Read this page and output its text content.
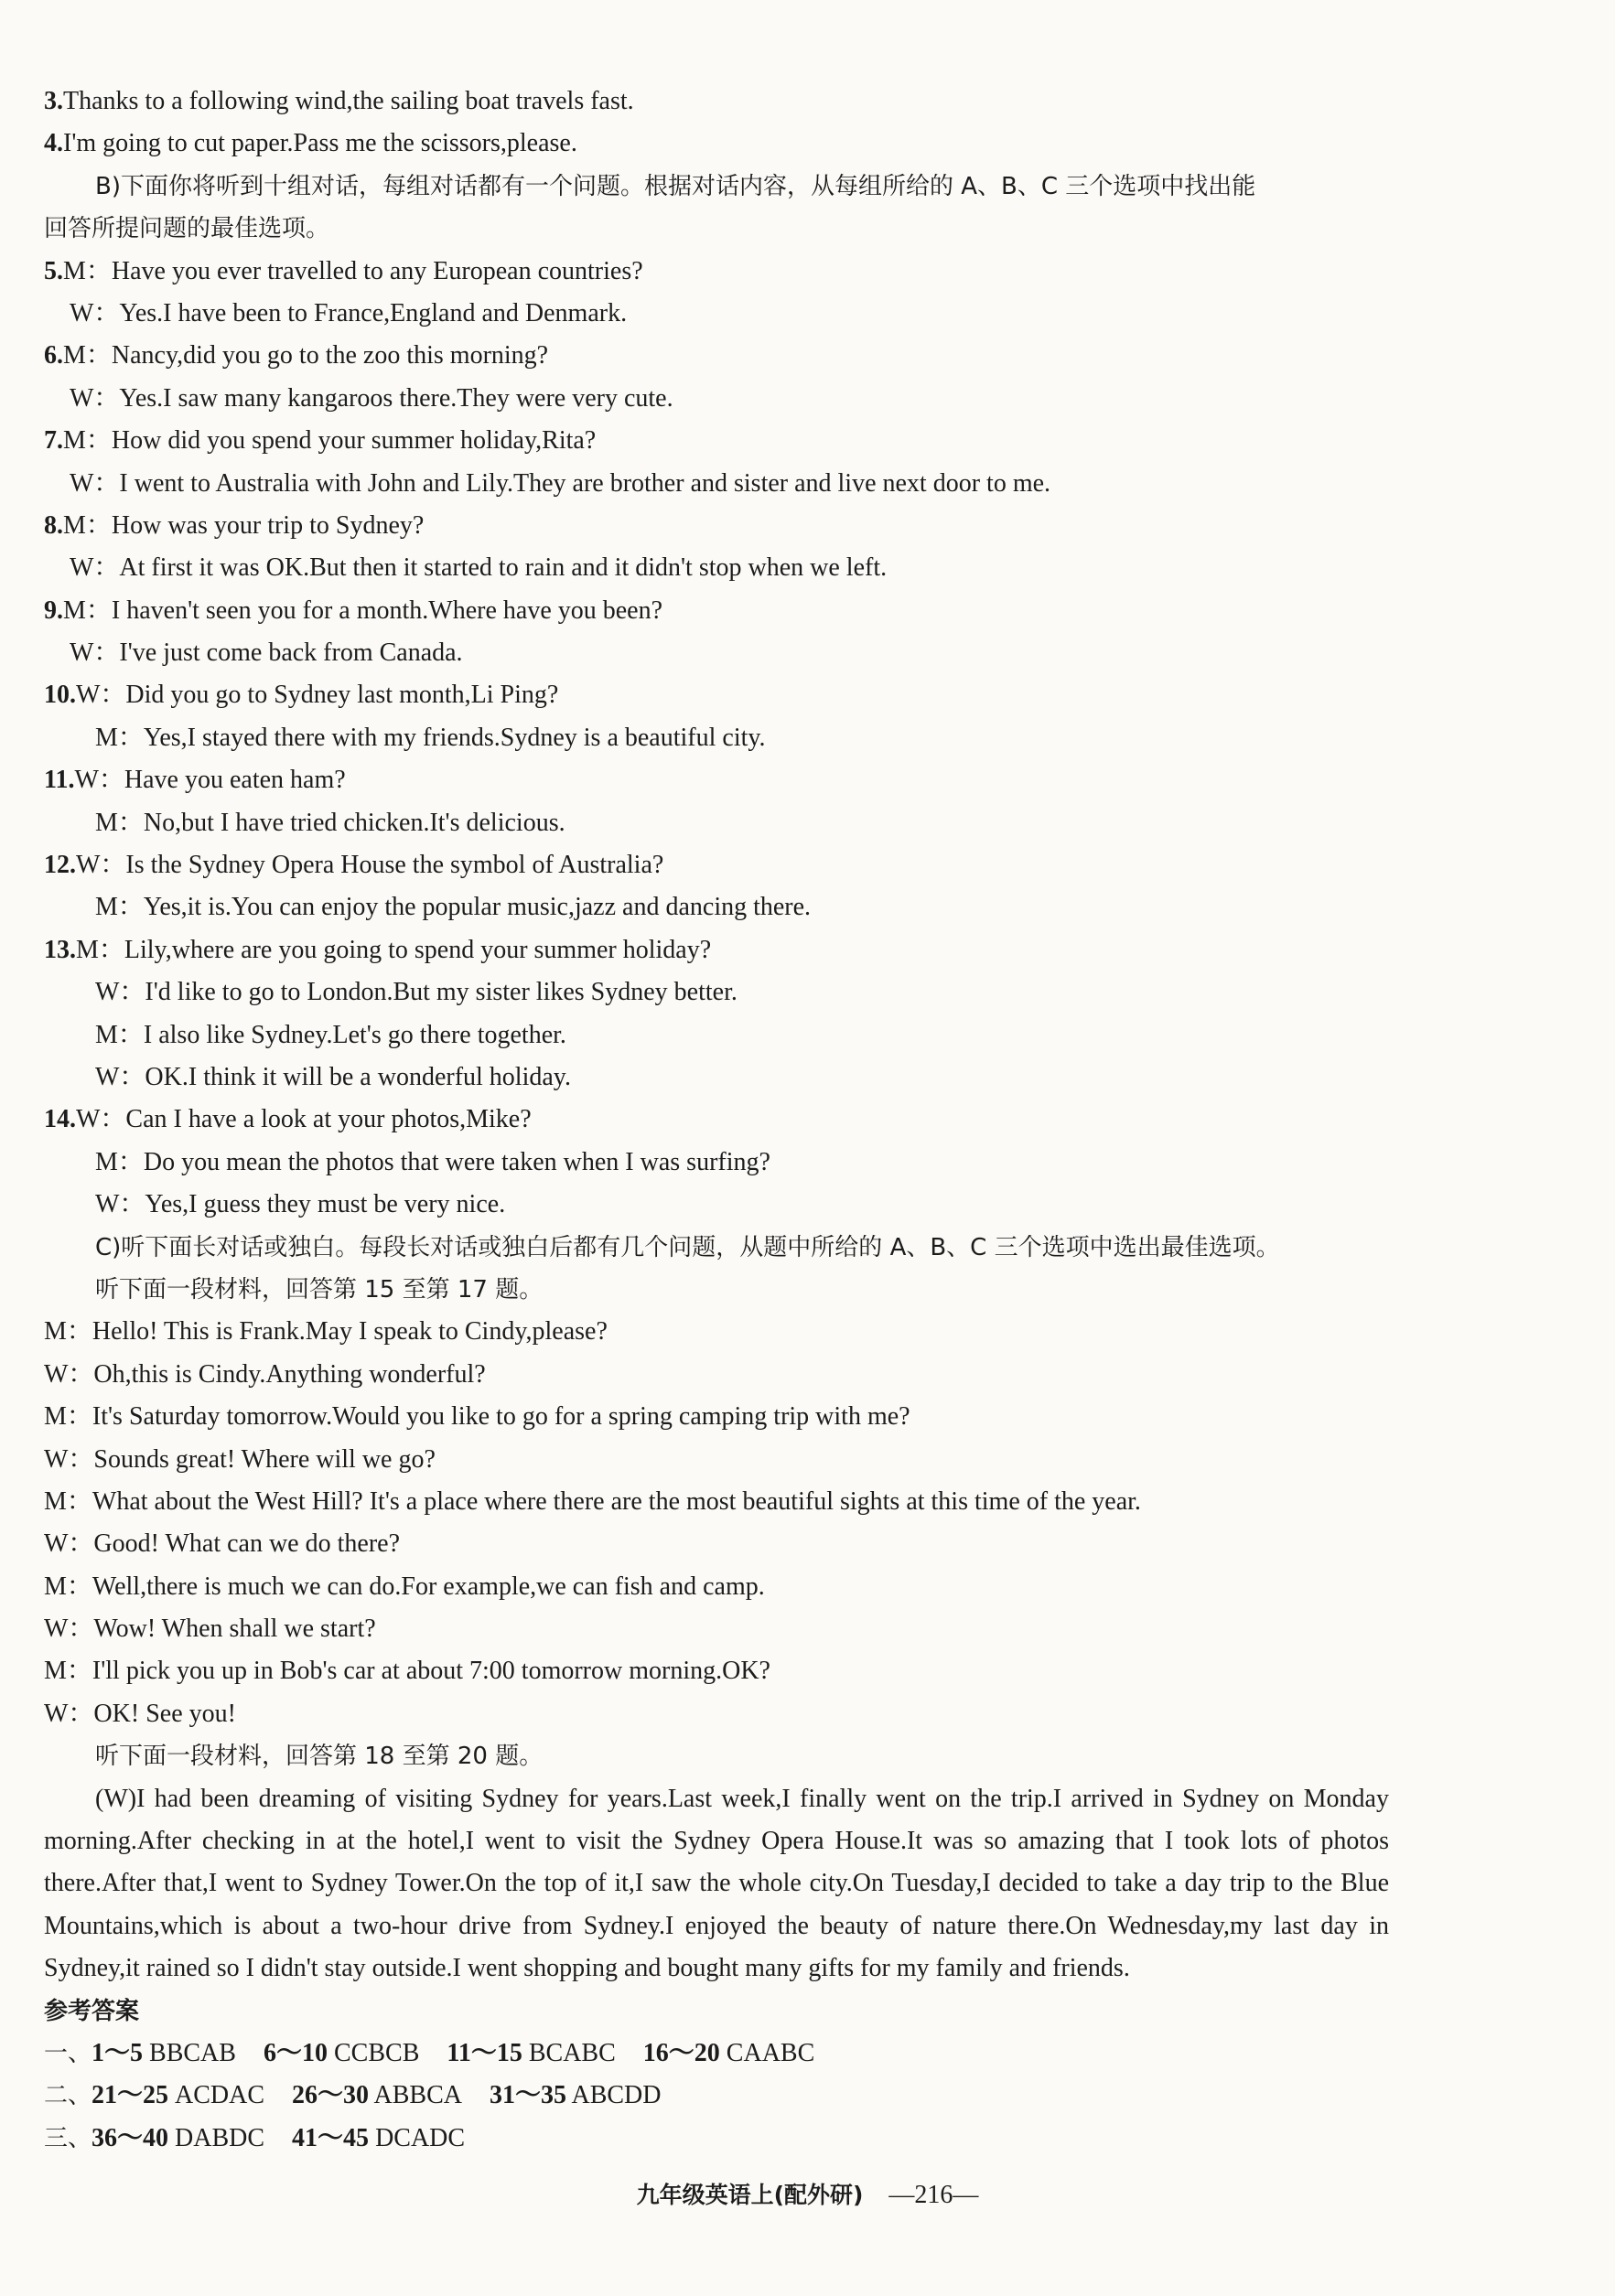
3.Thanks to a following wind,the sailing boat travels fast.
4.I'm going to cut paper.Pass me the scissors,please.
B)下面你将听到十组对话，每组对话都有一个问题。根据对话内容，从每组所给的 A、B、C 三个选项中找出能
回答所提问题的最佳选项。
5.M：Have you ever travelled to any European countries?
W：Yes.I have been to France,England and Denmark.
6.M：Nancy,did you go to the zoo this morning?
W：Yes.I saw many kangaroos there.They were very cute.
7.M：How did you spend your summer holiday,Rita?
W：I went to Australia with John and Lily.They are brother and sister and live next door to me.
8.M：How was your trip to Sydney?
W：At first it was OK.But then it started to rain and it didn't stop when we left.
9.M：I haven't seen you for a month.Where have you been?
W：I've just come back from Canada.
10.W：Did you go to Sydney last month,Li Ping?
M：Yes,I stayed there with my friends.Sydney is a beautiful city.
11.W：Have you eaten ham?
M：No,but I have tried chicken.It's delicious.
12.W：Is the Sydney Opera House the symbol of Australia?
M：Yes,it is.You can enjoy the popular music,jazz and dancing there.
13.M：Lily,where are you going to spend your summer holiday?
W：I'd like to go to London.But my sister likes Sydney better.
M：I also like Sydney.Let's go there together.
W：OK.I think it will be a wonderful holiday.
14.W：Can I have a look at your photos,Mike?
M：Do you mean the photos that were taken when I was surfing?
W：Yes,I guess they must be very nice.
C)听下面长对话或独白。每段长对话或独白后都有几个问题，从题中所给的 A、B、C 三个选项中选出最佳选项。
听下面一段材料，回答第 15 至第 17 题。
M：Hello! This is Frank.May I speak to Cindy,please?
W：Oh,this is Cindy.Anything wonderful?
M：It's Saturday tomorrow.Would you like to go for a spring camping trip with me?
W：Sounds great! Where will we go?
M：What about the West Hill? It's a place where there are the most beautiful sights at this time of the year.
W：Good! What can we do there?
M：Well,there is much we can do.For example,we can fish and camp.
W：Wow! When shall we start?
M：I'll pick you up in Bob's car at about 7:00 tomorrow morning.OK?
W：OK! See you!
听下面一段材料，回答第 18 至第 20 题。
(W)I had been dreaming of visiting Sydney for years.Last week,I finally went on the trip.I arrived in Sydney on Monday morning.After checking in at the hotel,I went to visit the Sydney Opera House.It was so amazing that I took lots of photos there.After that,I went to Sydney Tower.On the top of it,I saw the whole city.On Tuesday,I decided to take a day trip to the Blue Mountains,which is about a two-hour drive from Sydney.I enjoyed the beauty of nature there.On Wednesday,my last day in Sydney,it rained so I didn't stay outside.I went shopping and bought many gifts for my family and friends.
参考答案
一、1～5 BBCAB 6～10 CCBCB 11～15 BCABC 16～20 CAABC
二、21～25 ACDAC 26～30 ABBCA 31～35 ABCDD
三、36～40 DABDC 41～45 DCADC
九年级英语上(配外研) —216—
